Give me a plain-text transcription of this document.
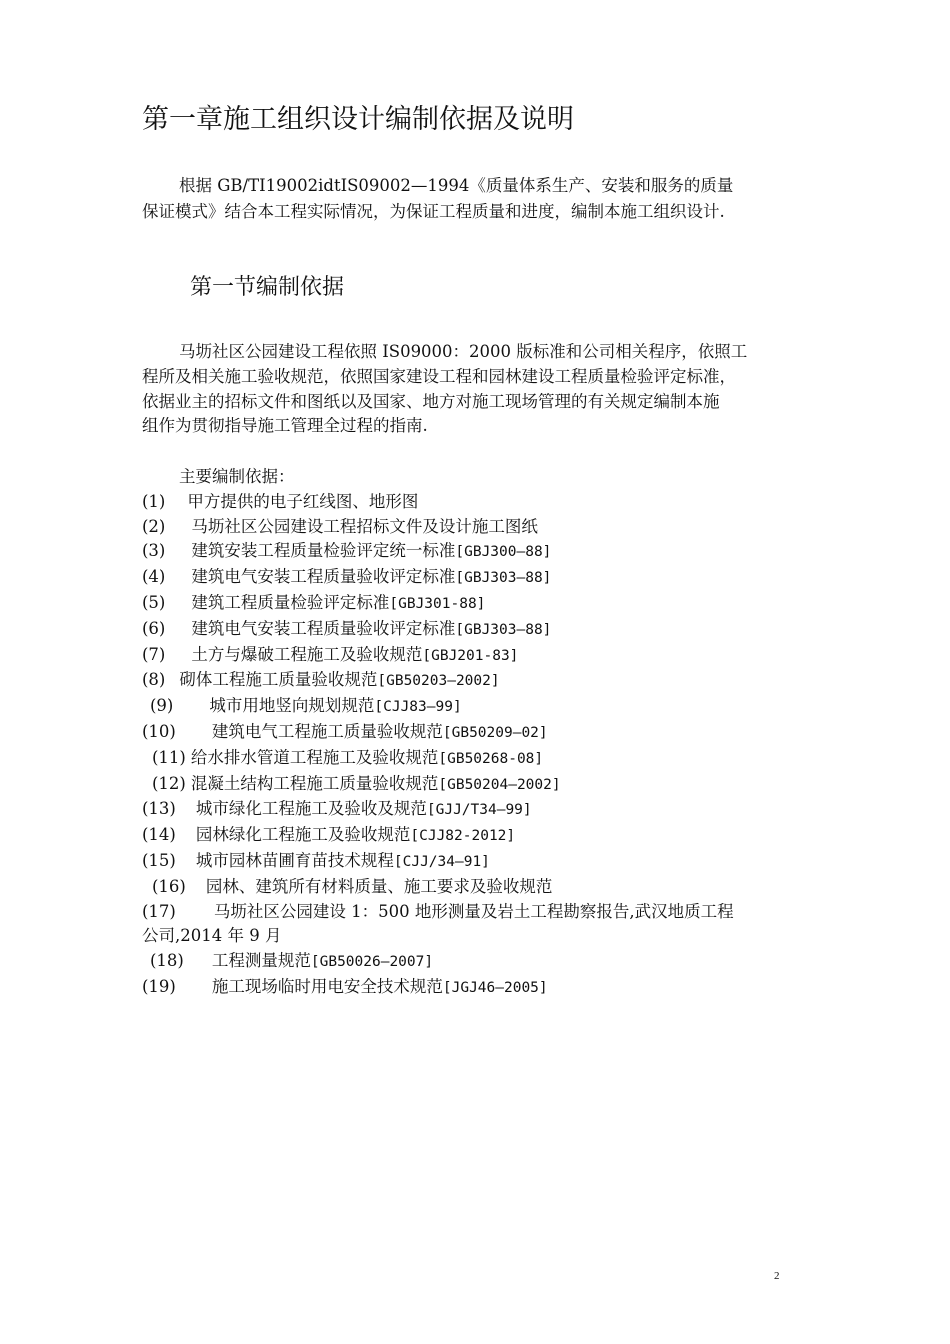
第一章施工组织设计编制依据及说明
根据 GB/TI19002idtIS09002—1994《质量体系生产、安装和服务的质量
保证模式》结合本工程实际情况，为保证工程质量和进度，编制本施工组织设计.
第一节编制依据
马坜社区公园建设工程依照 IS09000：2000 版标准和公司相关程序，依照工
程所及相关施工验收规范，依照国家建设工程和园林建设工程质量检验评定标准，
依据业主的招标文件和图纸以及国家、地方对施工现场管理的有关规定编制本施
组作为贯彻指导施工管理全过程的指南.
主要编制依据：
(1) 甲方提供的电子红线图、地形图
(2) 马坜社区公园建设工程招标文件及设计施工图纸
(3) 建筑安装工程质量检验评定统一标准[GBJ300—88]
(4) 建筑电气安装工程质量验收评定标准[GBJ303—88]
(5) 建筑工程质量检验评定标准[GBJ301-88]
(6) 建筑电气安装工程质量验收评定标准[GBJ303—88]
(7) 土方与爆破工程施工及验收规范[GBJ201-83]
(8) 砌体工程施工质量验收规范[GB50203—2002]
(9) 城市用地竖向规划规范[CJJ83—99]
(10) 建筑电气工程施工质量验收规范[GB50209—02]
(11) 给水排水管道工程施工及验收规范[GB50268-08]
(12) 混凝土结构工程施工质量验收规范[GB50204—2002]
(13) 城市绿化工程施工及验收及规范[GJJ/T34—99]
(14) 园林绿化工程施工及验收规范[CJJ82-2012]
(15) 城市园林苗圃育苗技术规程[CJJ/34—91]
(16) 园林、建筑所有材料质量、施工要求及验收规范
(17) 马坜社区公园建设 1：500 地形测量及岩土工程勘察报告,武汉地质工程
公司,2014 年 9 月
(18) 工程测量规范[GB50026—2007]
(19) 施工现场临时用电安全技术规范[JGJ46—2005]
2
